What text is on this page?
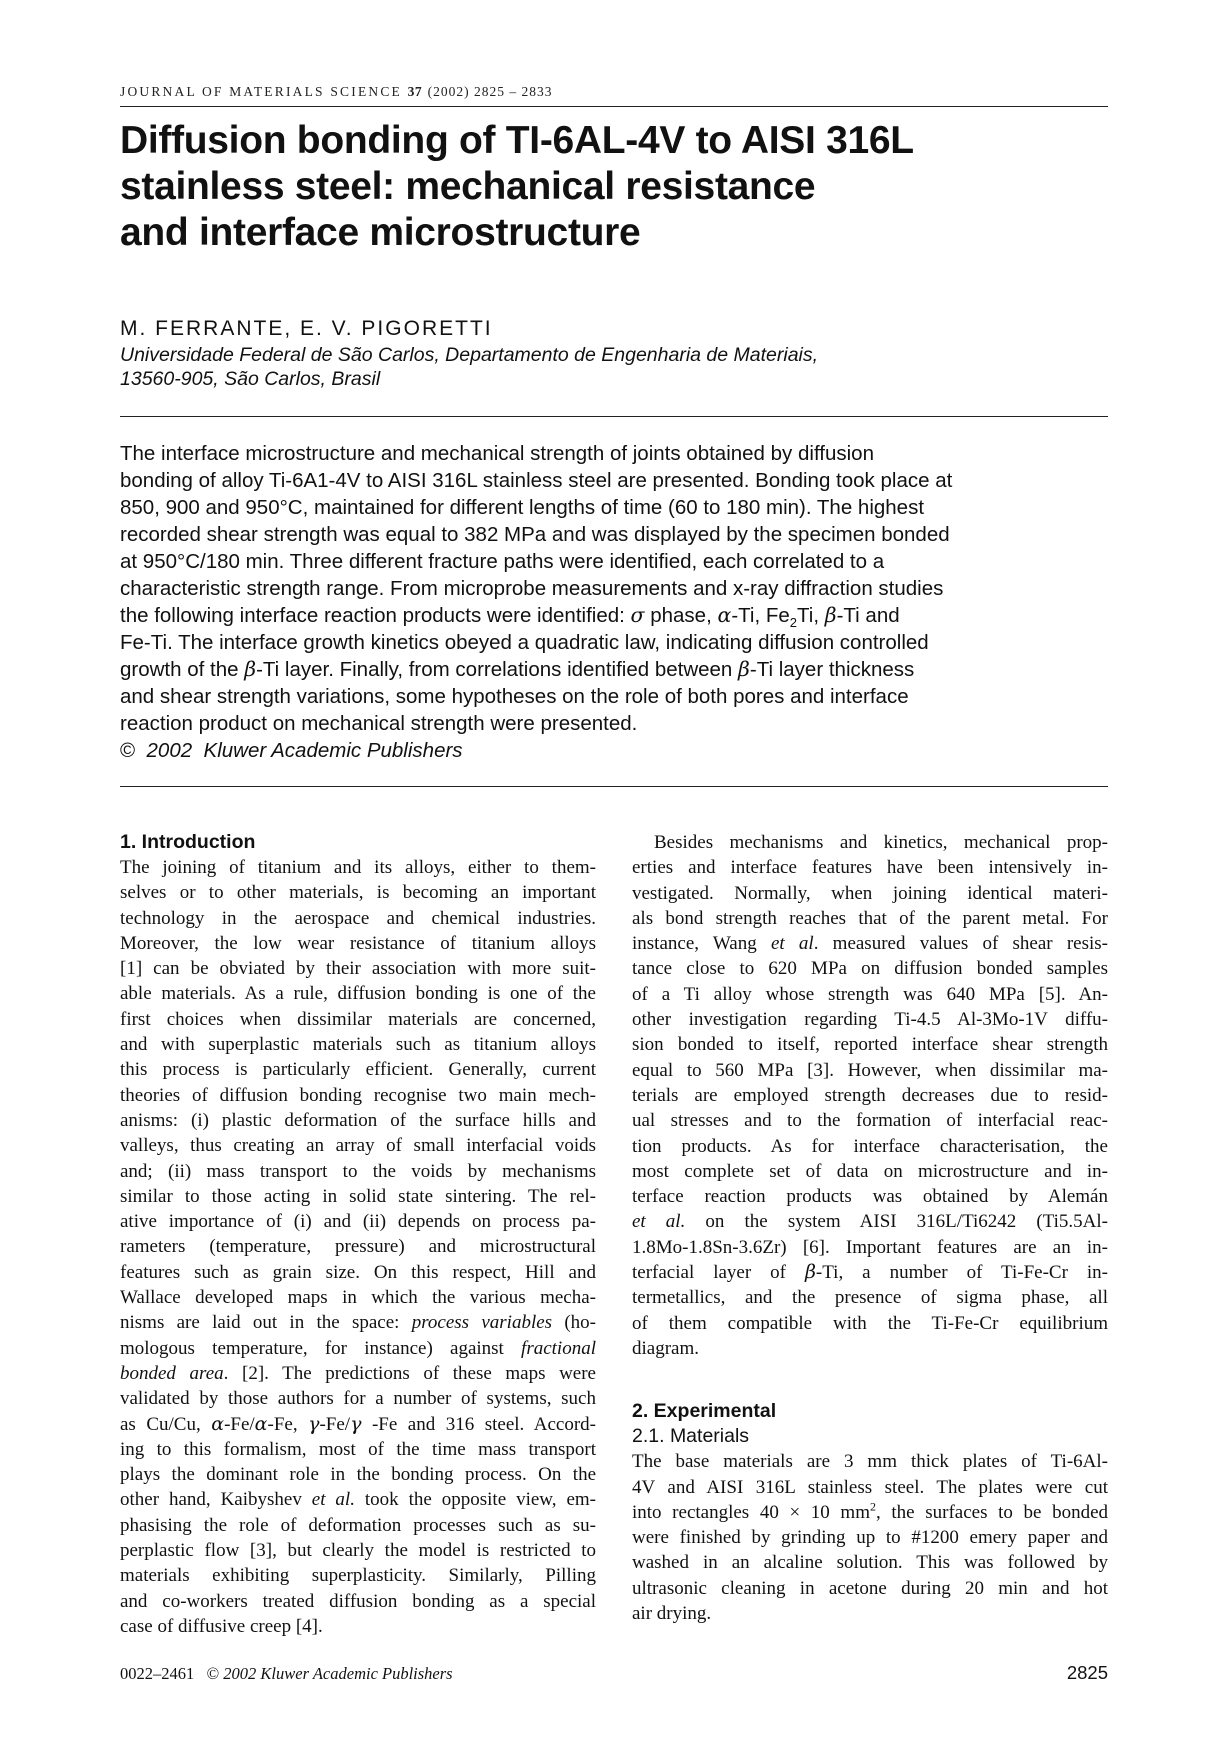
JOURNAL OF MATERIALS SCIENCE 37 (2002) 2825 – 2833
Diffusion bonding of TI-6AL-4V to AISI 316L
stainless steel: mechanical resistance
and interface microstructure
M. FERRANTE, E. V. PIGORETTI
Universidade Federal de São Carlos, Departamento de Engenharia de Materiais,
13560-905, São Carlos, Brasil
The interface microstructure and mechanical strength of joints obtained by diffusion
bonding of alloy Ti-6A1-4V to AISI 316L stainless steel are presented. Bonding took place at
850, 900 and 950°C, maintained for different lengths of time (60 to 180 min). The highest
recorded shear strength was equal to 382 MPa and was displayed by the specimen bonded
at 950°C/180 min. Three different fracture paths were identified, each correlated to a
characteristic strength range. From microprobe measurements and x-ray diffraction studies
the following interface reaction products were identified: σ phase, α-Ti, $Fe_2Ti$, β-Ti and
Fe-Ti. The interface growth kinetics obeyed a quadratic law, indicating diffusion controlled
growth of the β-Ti layer. Finally, from correlations identified between β-Ti layer thickness
and shear strength variations, some hypotheses on the role of both pores and interface
reaction product on mechanical strength were presented.
© 2002 Kluwer Academic Publishers
1. Introduction
The joining of titanium and its alloys, either to them-
selves or to other materials, is becoming an important
technology in the aerospace and chemical industries.
Moreover, the low wear resistance of titanium alloys
[1] can be obviated by their association with more suit-
able materials. As a rule, diffusion bonding is one of the
first choices when dissimilar materials are concerned,
and with superplastic materials such as titanium alloys
this process is particularly efficient. Generally, current
theories of diffusion bonding recognise two main mech-
anisms: (i) plastic deformation of the surface hills and
valleys, thus creating an array of small interfacial voids
and; (ii) mass transport to the voids by mechanisms
similar to those acting in solid state sintering. The rel-
ative importance of (i) and (ii) depends on process pa-
rameters (temperature, pressure) and microstructural
features such as grain size. On this respect, Hill and
Wallace developed maps in which the various mecha-
nisms are laid out in the space: process variables (ho-
mologous temperature, for instance) against fractional
bonded area. [2]. The predictions of these maps were
validated by those authors for a number of systems, such
as Cu/Cu, α-Fe/α-Fe, γ-Fe/γ -Fe and 316 steel. Accord-
ing to this formalism, most of the time mass transport
plays the dominant role in the bonding process. On the
other hand, Kaibyshev et al. took the opposite view, em-
phasising the role of deformation processes such as su-
perplastic flow [3], but clearly the model is restricted to
materials exhibiting superplasticity. Similarly, Pilling
and co-workers treated diffusion bonding as a special
case of diffusive creep [4].
Besides mechanisms and kinetics, mechanical prop-
erties and interface features have been intensively in-
vestigated. Normally, when joining identical materi-
als bond strength reaches that of the parent metal. For
instance, Wang et al. measured values of shear resis-
tance close to 620 MPa on diffusion bonded samples
of a Ti alloy whose strength was 640 MPa [5]. An-
other investigation regarding Ti-4.5 Al-3Mo-1V diffu-
sion bonded to itself, reported interface shear strength
equal to 560 MPa [3]. However, when dissimilar ma-
terials are employed strength decreases due to resid-
ual stresses and to the formation of interfacial reac-
tion products. As for interface characterisation, the
most complete set of data on microstructure and in-
terface reaction products was obtained by Alemán
et al. on the system AISI 316L/Ti6242 (Ti5.5Al-
1.8Mo-1.8Sn-3.6Zr) [6]. Important features are an in-
terfacial layer of β-Ti, a number of Ti-Fe-Cr in-
termetallics, and the presence of sigma phase, all
of them compatible with the Ti-Fe-Cr equilibrium
diagram.
2. Experimental
2.1. Materials
The base materials are 3 mm thick plates of Ti-6Al-
4V and AISI 316L stainless steel. The plates were cut
into rectangles 40 × 10 $mm^2$, the surfaces to be bonded
were finished by grinding up to #1200 emery paper and
washed in an alcaline solution. This was followed by
ultrasonic cleaning in acetone during 20 min and hot
air drying.
0022–2461 © 2002 Kluwer Academic Publishers	2825
